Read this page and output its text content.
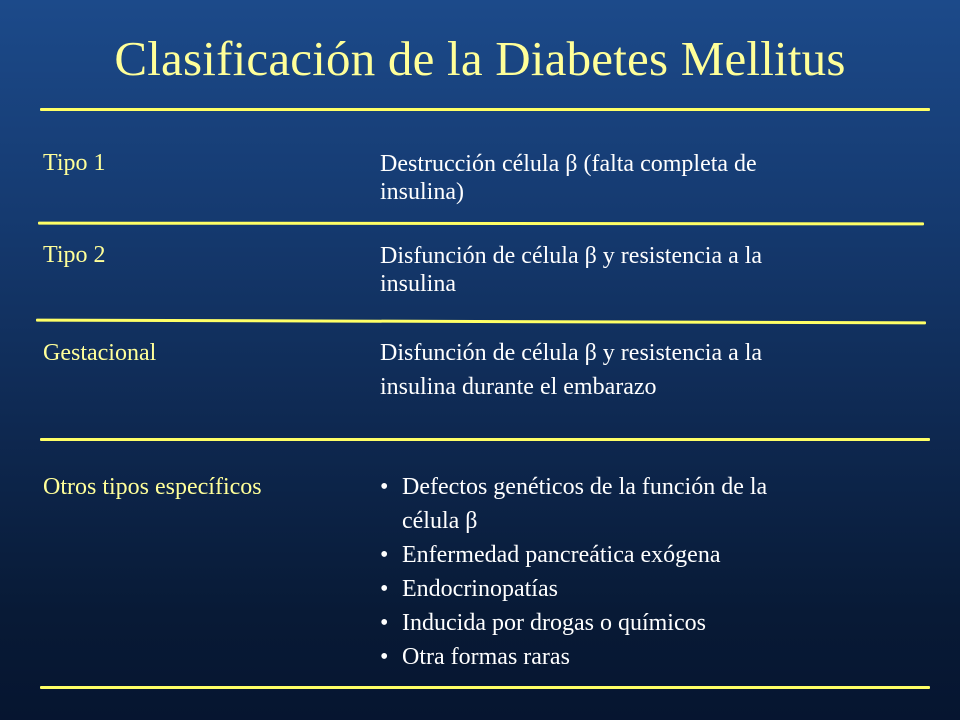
Clasificación de la Diabetes Mellitus
Tipo 1	Destrucción célula β (falta completa de
insulina)
Tipo 2	Disfunción de célula β y resistencia a la
insulina
Gestacional	Disfunción de célula β y resistencia a la
insulina durante el embarazo
Otros tipos específicos	• Defectos genéticos de la función de la
célula β
• Enfermedad pancreática exógena
• Endocrinopatías
• Inducida por drogas o químicos
• Otra formas raras
